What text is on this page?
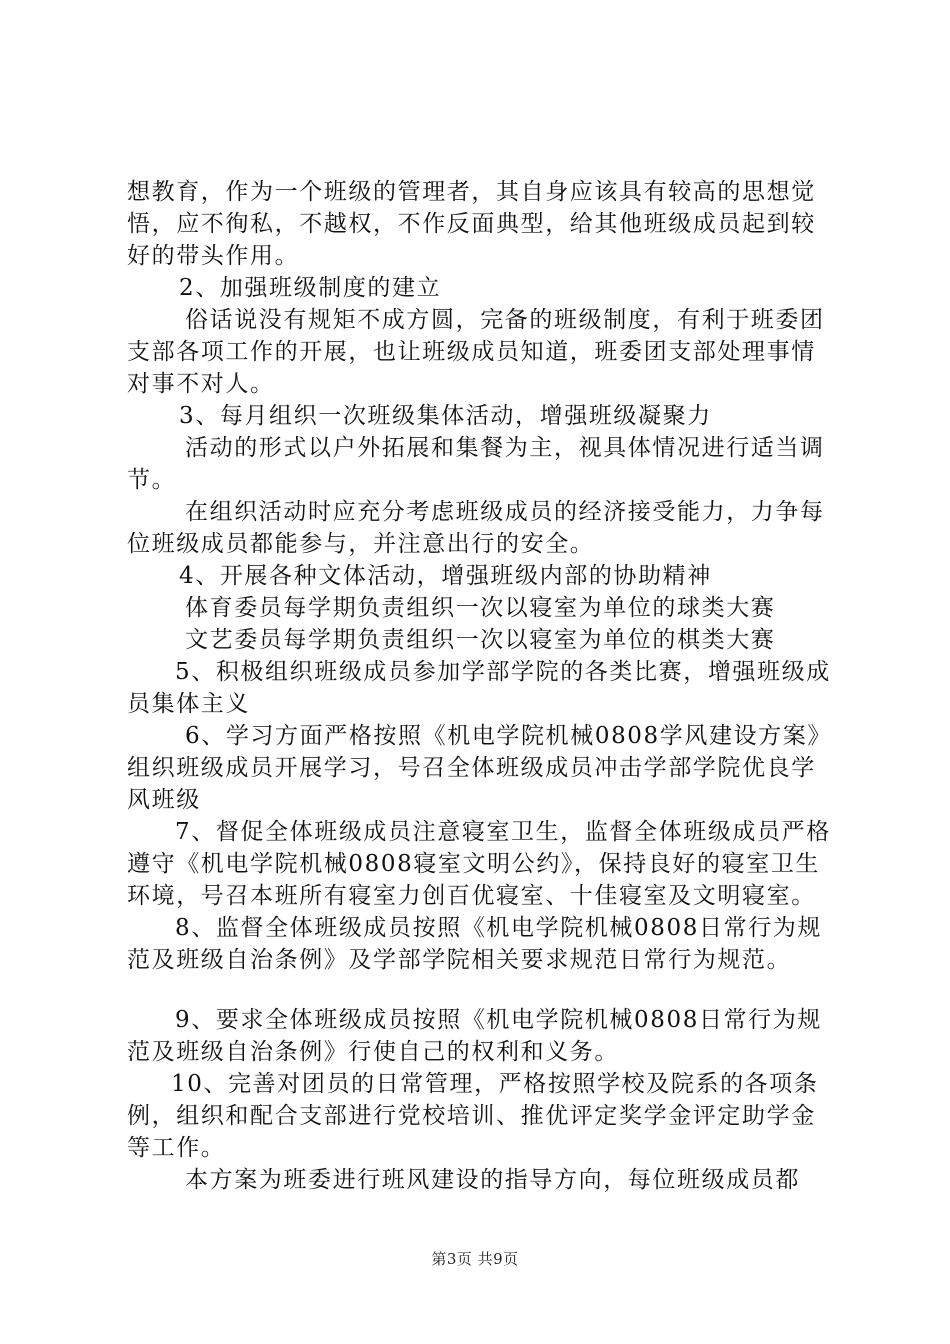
想教育，作为一个班级的管理者，其自身应该具有较高的思想觉悟，应不徇私，不越权，不作反面典型，给其他班级成员起到较好的带头作用。

2、加强班级制度的建立

俗话说没有规矩不成方圆，完备的班级制度，有利于班委团支部各项工作的开展，也让班级成员知道，班委团支部处理事情对事不对人。

3、每月组织一次班级集体活动，增强班级凝聚力

活动的形式以户外拓展和集餐为主，视具体情况进行适当调节。

在组织活动时应充分考虑班级成员的经济接受能力，力争每位班级成员都能参与，并注意出行的安全。

4、开展各种文体活动，增强班级内部的协助精神

体育委员每学期负责组织一次以寝室为单位的球类大赛

文艺委员每学期负责组织一次以寝室为单位的棋类大赛

5、积极组织班级成员参加学部学院的各类比赛，增强班级成员集体主义

6、学习方面严格按照《机电学院机械0808学风建设方案》组织班级成员开展学习，号召全体班级成员冲击学部学院优良学风班级

7、督促全体班级成员注意寝室卫生，监督全体班级成员严格遵守《机电学院机械0808寝室文明公约》，保持良好的寝室卫生环境，号召本班所有寝室力创百优寝室、十佳寝室及文明寝室。

8、监督全体班级成员按照《机电学院机械0808日常行为规范及班级自治条例》及学部学院相关要求规范日常行为规范。

9、要求全体班级成员按照《机电学院机械0808日常行为规范及班级自治条例》行使自己的权利和义务。

10、完善对团员的日常管理，严格按照学校及院系的各项条例，组织和配合支部进行党校培训、推优评定奖学金评定助学金等工作。

本方案为班委进行班风建设的指导方向，每位班级成员都

第3页 共9页
